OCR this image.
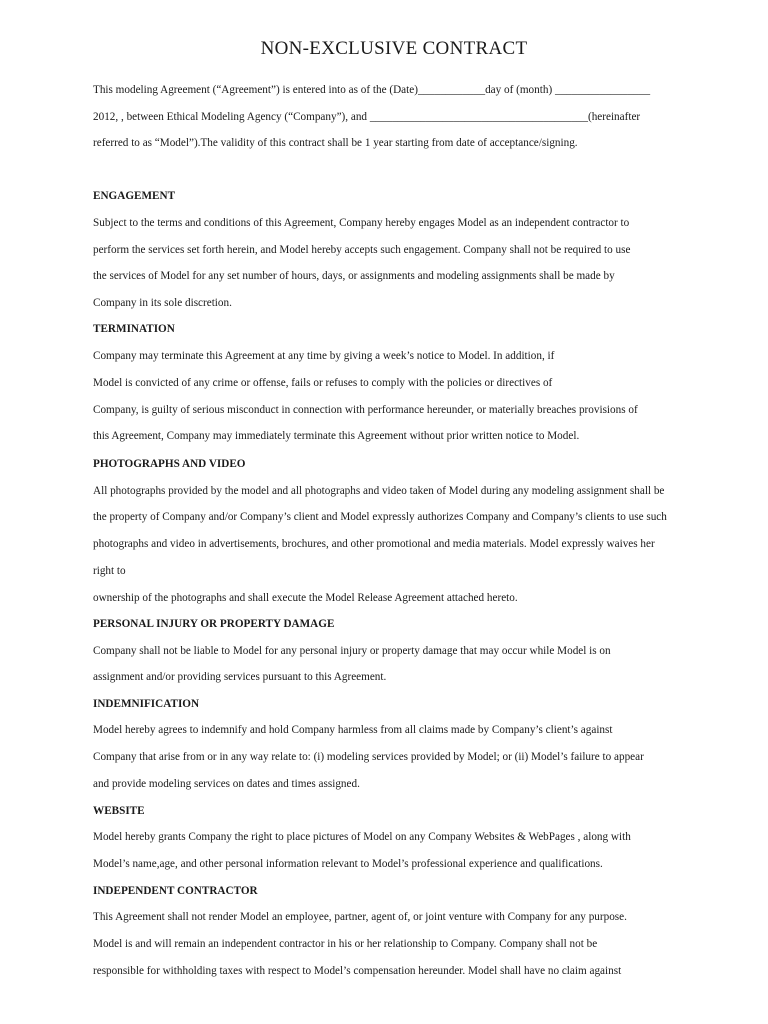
NON-EXCLUSIVE CONTRACT
This modeling Agreement (“Agreement”) is entered into as of the (Date)____________day of (month) _________________
2012, , between Ethical Modeling Agency (“Company”), and _______________________________________(hereinafter
referred to as “Model”).The validity of this contract shall be 1 year starting from date of acceptance/signing.
ENGAGEMENT
Subject to the terms and conditions of this Agreement, Company hereby engages Model as an independent contractor to
perform the services set forth herein, and Model hereby accepts such engagement. Company shall not be required to use
the services of Model for any set number of hours, days, or assignments and modeling assignments shall be made by
Company in its sole discretion.
TERMINATION
Company may terminate this Agreement at any time by giving a week’s notice to Model. In addition, if
Model is convicted of any crime or offense, fails or refuses to comply with the policies or directives of
Company, is guilty of serious misconduct in connection with performance hereunder, or materially breaches provisions of
this Agreement, Company may immediately terminate this Agreement without prior written notice to Model.
PHOTOGRAPHS AND VIDEO
All photographs provided by the model and all photographs and video taken of Model during any modeling assignment shall be
the property of Company and/or Company’s client and Model expressly authorizes Company and Company’s clients to use such
photographs and video in advertisements, brochures, and other promotional and media materials. Model expressly waives her
right to
ownership of the photographs and shall execute the Model Release Agreement attached hereto.
PERSONAL INJURY OR PROPERTY DAMAGE
Company shall not be liable to Model for any personal injury or property damage that may occur while Model is on
assignment and/or providing services pursuant to this Agreement.
INDEMNIFICATION
Model hereby agrees to indemnify and hold Company harmless from all claims made by Company’s client’s against
Company that arise from or in any way relate to: (i) modeling services provided by Model; or (ii) Model’s failure to appear
and provide modeling services on dates and times assigned.
WEBSITE
Model hereby grants Company the right to place pictures of Model on any Company Websites & WebPages , along with
Model’s name,age, and other personal information relevant to Model’s professional experience and qualifications.
INDEPENDENT CONTRACTOR
This Agreement shall not render Model an employee, partner, agent of, or joint venture with Company for any purpose.
Model is and will remain an independent contractor in his or her relationship to Company. Company shall not be
responsible for withholding taxes with respect to Model’s compensation hereunder. Model shall have no claim against
